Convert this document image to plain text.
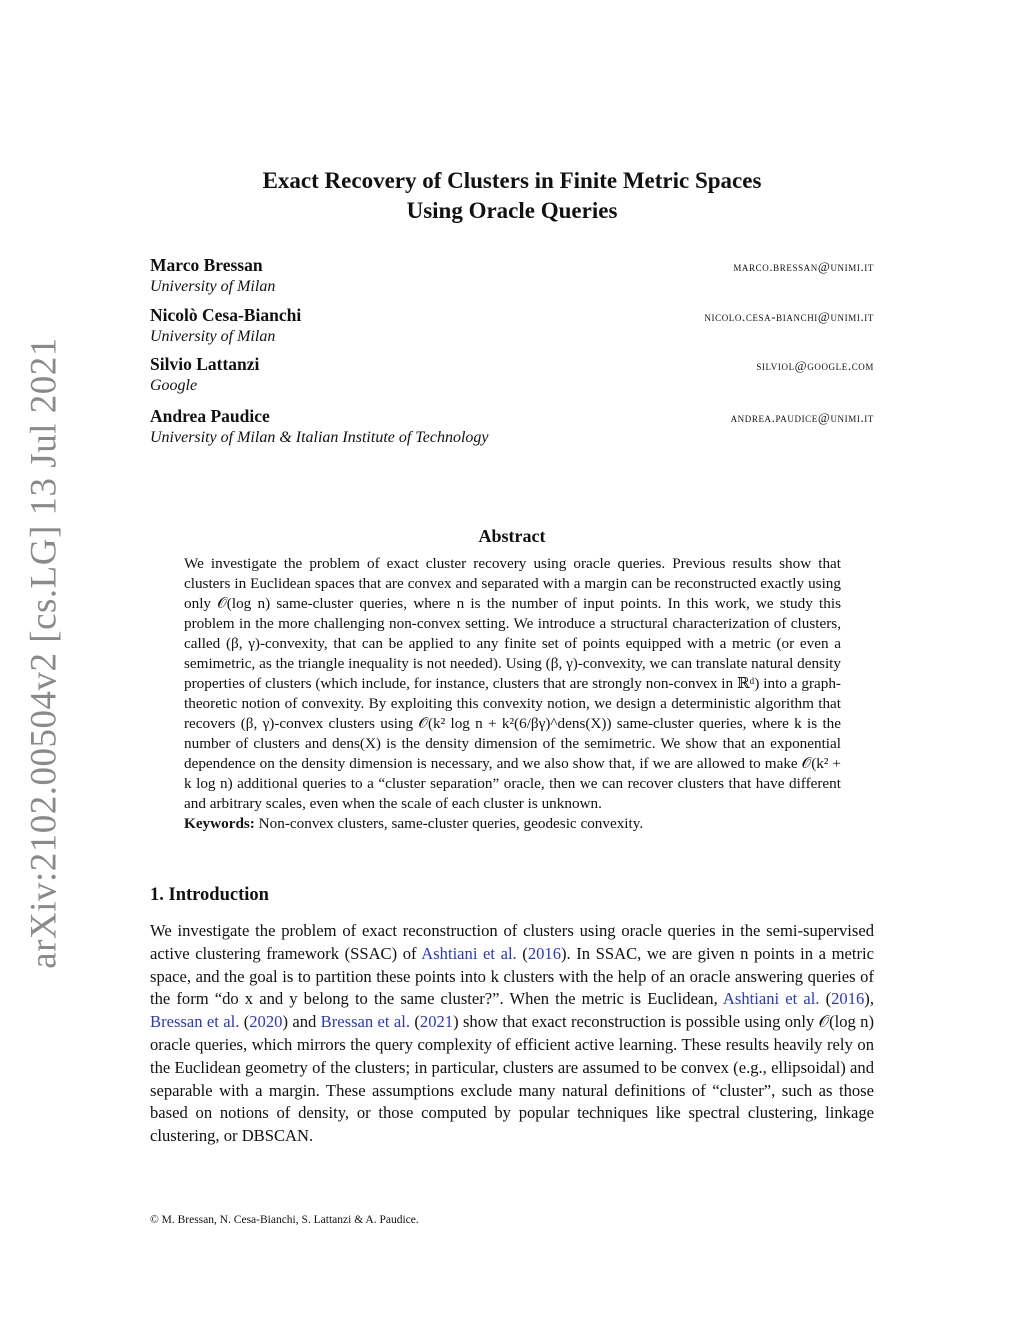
arXiv:2102.00504v2 [cs.LG] 13 Jul 2021
Exact Recovery of Clusters in Finite Metric Spaces
Using Oracle Queries
Marco Bressan	marco.bressan@unimi.it
University of Milan
Nicolò Cesa-Bianchi	nicolo.cesa-bianchi@unimi.it
University of Milan
Silvio Lattanzi	silviol@google.com
Google
Andrea Paudice	andrea.paudice@unimi.it
University of Milan & Italian Institute of Technology
Abstract

We investigate the problem of exact cluster recovery using oracle queries. Previous results show that clusters in Euclidean spaces that are convex and separated with a margin can be reconstructed exactly using only 𝒪(log n) same-cluster queries, where n is the number of input points. In this work, we study this problem in the more challenging non-convex setting. We introduce a structural characterization of clusters, called (β, γ)-convexity, that can be applied to any finite set of points equipped with a metric (or even a semimetric, as the triangle inequality is not needed). Using (β, γ)-convexity, we can translate natural density properties of clusters (which include, for instance, clusters that are strongly non-convex in ℝᵈ) into a graph-theoretic notion of convexity. By exploiting this convexity notion, we design a deterministic algorithm that recovers (β, γ)-convex clusters using 𝒪(k² log n + k²(6/βγ)^dens(X)) same-cluster queries, where k is the number of clusters and dens(X) is the density dimension of the semimetric. We show that an exponential dependence on the density dimension is necessary, and we also show that, if we are allowed to make 𝒪(k² + k log n) additional queries to a “cluster separation” oracle, then we can recover clusters that have different and arbitrary scales, even when the scale of each cluster is unknown.

Keywords: Non-convex clusters, same-cluster queries, geodesic convexity.

1. Introduction

We investigate the problem of exact reconstruction of clusters using oracle queries in the semi-supervised active clustering framework (SSAC) of Ashtiani et al. (2016). In SSAC, we are given n points in a metric space, and the goal is to partition these points into k clusters with the help of an oracle answering queries of the form “do x and y belong to the same cluster?”. When the metric is Euclidean, Ashtiani et al. (2016), Bressan et al. (2020) and Bressan et al. (2021) show that exact reconstruction is possible using only 𝒪(log n) oracle queries, which mirrors the query complexity of efficient active learning. These results heavily rely on the Euclidean geometry of the clusters; in particular, clusters are assumed to be convex (e.g., ellipsoidal) and separable with a margin. These assumptions exclude many natural definitions of “cluster”, such as those based on notions of density, or those computed by popular techniques like spectral clustering, linkage clustering, or DBSCAN.

© M. Bressan, N. Cesa-Bianchi, S. Lattanzi & A. Paudice.
